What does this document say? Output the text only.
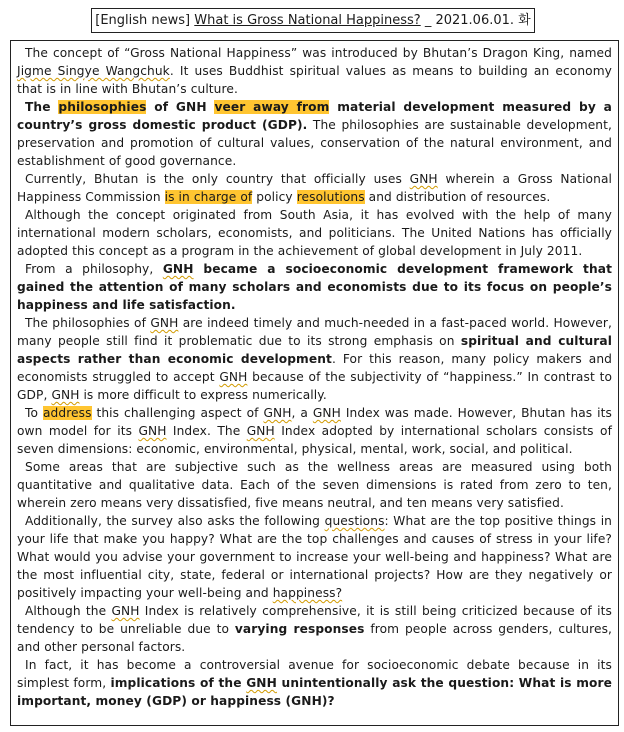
[English news] What is Gross National Happiness? _ 2021.06.01. 화

The concept of “Gross National Happiness” was introduced by Bhutan’s Dragon King, named Jigme Singye Wangchuk. It uses Buddhist spiritual values as means to building an economy that is in line with Bhutan’s culture.

The philosophies of GNH veer away from material development measured by a country’s gross domestic product (GDP). The philosophies are sustainable development, preservation and promotion of cultural values, conservation of the natural environment, and establishment of good governance.

Currently, Bhutan is the only country that officially uses GNH wherein a Gross National Happiness Commission is in charge of policy resolutions and distribution of resources.

Although the concept originated from South Asia, it has evolved with the help of many international modern scholars, economists, and politicians. The United Nations has officially adopted this concept as a program in the achievement of global development in July 2011.

From a philosophy, GNH became a socioeconomic development framework that gained the attention of many scholars and economists due to its focus on people’s happiness and life satisfaction.

The philosophies of GNH are indeed timely and much-needed in a fast-paced world. However, many people still find it problematic due to its strong emphasis on spiritual and cultural aspects rather than economic development. For this reason, many policy makers and economists struggled to accept GNH because of the subjectivity of “happiness.” In contrast to GDP, GNH is more difficult to express numerically.

To address this challenging aspect of GNH, a GNH Index was made. However, Bhutan has its own model for its GNH Index. The GNH Index adopted by international scholars consists of seven dimensions: economic, environmental, physical, mental, work, social, and political.

Some areas that are subjective such as the wellness areas are measured using both quantitative and qualitative data. Each of the seven dimensions is rated from zero to ten, wherein zero means very dissatisfied, five means neutral, and ten means very satisfied.

Additionally, the survey also asks the following questions: What are the top positive things in your life that make you happy? What are the top challenges and causes of stress in your life? What would you advise your government to increase your well-being and happiness? What are the most influential city, state, federal or international projects? How are they negatively or positively impacting your well-being and happiness?

Although the GNH Index is relatively comprehensive, it is still being criticized because of its tendency to be unreliable due to varying responses from people across genders, cultures, and other personal factors.

In fact, it has become a controversial avenue for socioeconomic debate because in its simplest form, implications of the GNH unintentionally ask the question: What is more important, money (GDP) or happiness (GNH)?
